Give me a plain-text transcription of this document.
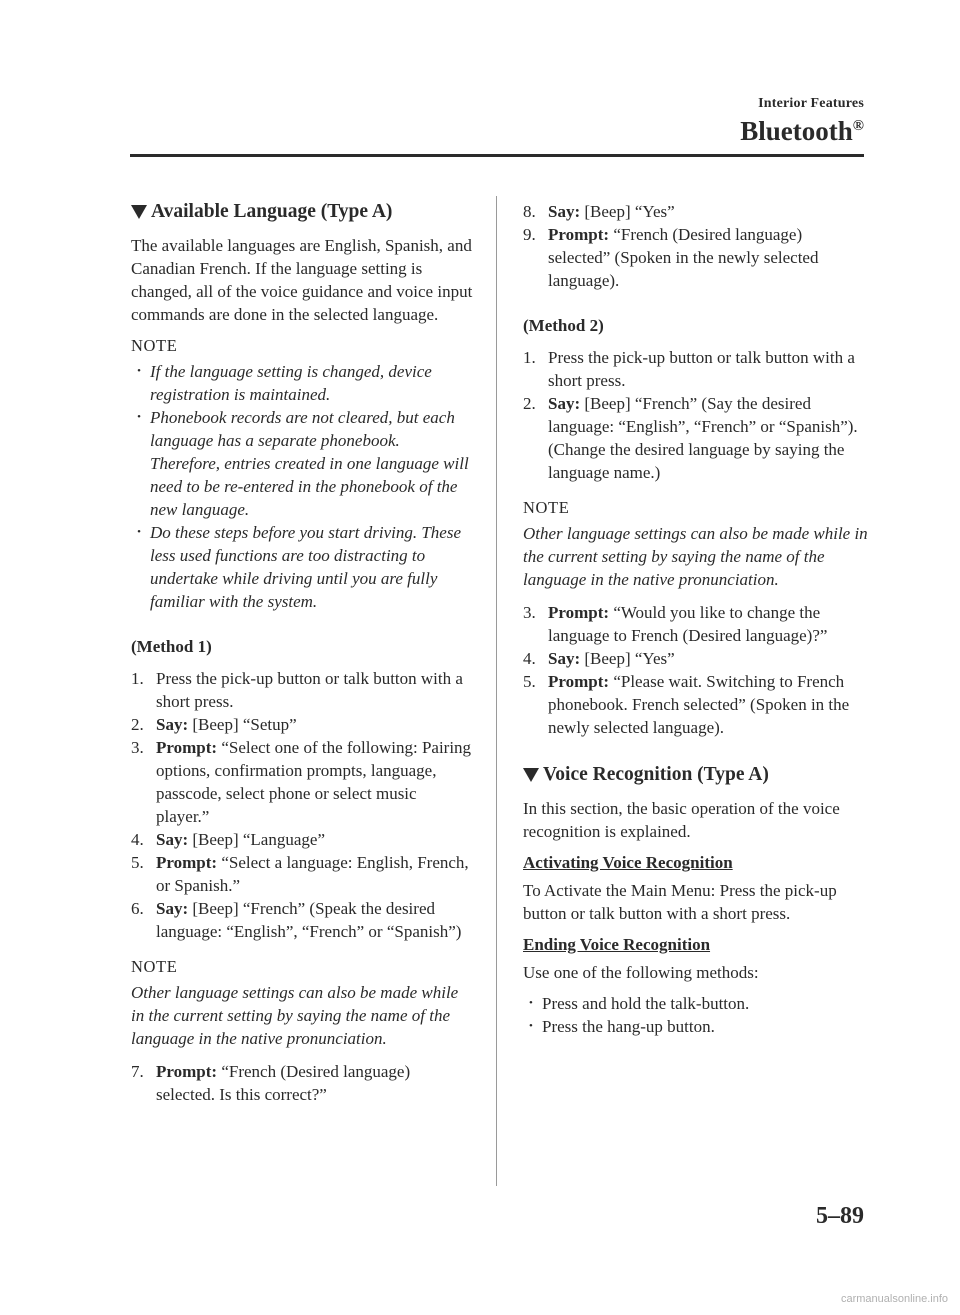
Interior Features
Bluetooth®
Available Language (Type A)

The available languages are English, Spanish, and Canadian French. If the language setting is changed, all of the voice guidance and voice input commands are done in the selected language.

NOTE
• If the language setting is changed, device registration is maintained.
• Phonebook records are not cleared, but each language has a separate phonebook. Therefore, entries created in one language will need to be re-entered in the phonebook of the new language.
• Do these steps before you start driving. These less used functions are too distracting to undertake while driving until you are fully familiar with the system.
(Method 1)
1. Press the pick-up button or talk button with a short press.
2. Say: [Beep] “Setup”
3. Prompt: “Select one of the following: Pairing options, confirmation prompts, language, passcode, select phone or select music player.”
4. Say: [Beep] “Language”
5. Prompt: “Select a language: English, French, or Spanish.”
6. Say: [Beep] “French” (Speak the desired language: “English”, “French” or “Spanish”)
NOTE

Other language settings can also be made while in the current setting by saying the name of the language in the native pronunciation.

7. Prompt: “French (Desired language) selected. Is this correct?”
8. Say: [Beep] “Yes”
9. Prompt: “French (Desired language) selected” (Spoken in the newly selected language).
(Method 2)
1. Press the pick-up button or talk button with a short press.
2. Say: [Beep] “French” (Say the desired language: “English”, “French” or “Spanish”). (Change the desired language by saying the language name.)
NOTE

Other language settings can also be made while in the current setting by saying the name of the language in the native pronunciation.

3. Prompt: “Would you like to change the language to French (Desired language)?”
4. Say: [Beep] “Yes”
5. Prompt: “Please wait. Switching to French phonebook. French selected” (Spoken in the newly selected language).
Voice Recognition (Type A)

In this section, the basic operation of the voice recognition is explained.

Activating Voice Recognition

To Activate the Main Menu: Press the pick-up button or talk button with a short press.

Ending Voice Recognition

Use one of the following methods:

• Press and hold the talk-button.
• Press the hang-up button.
5–89
carmanualsonline.info
